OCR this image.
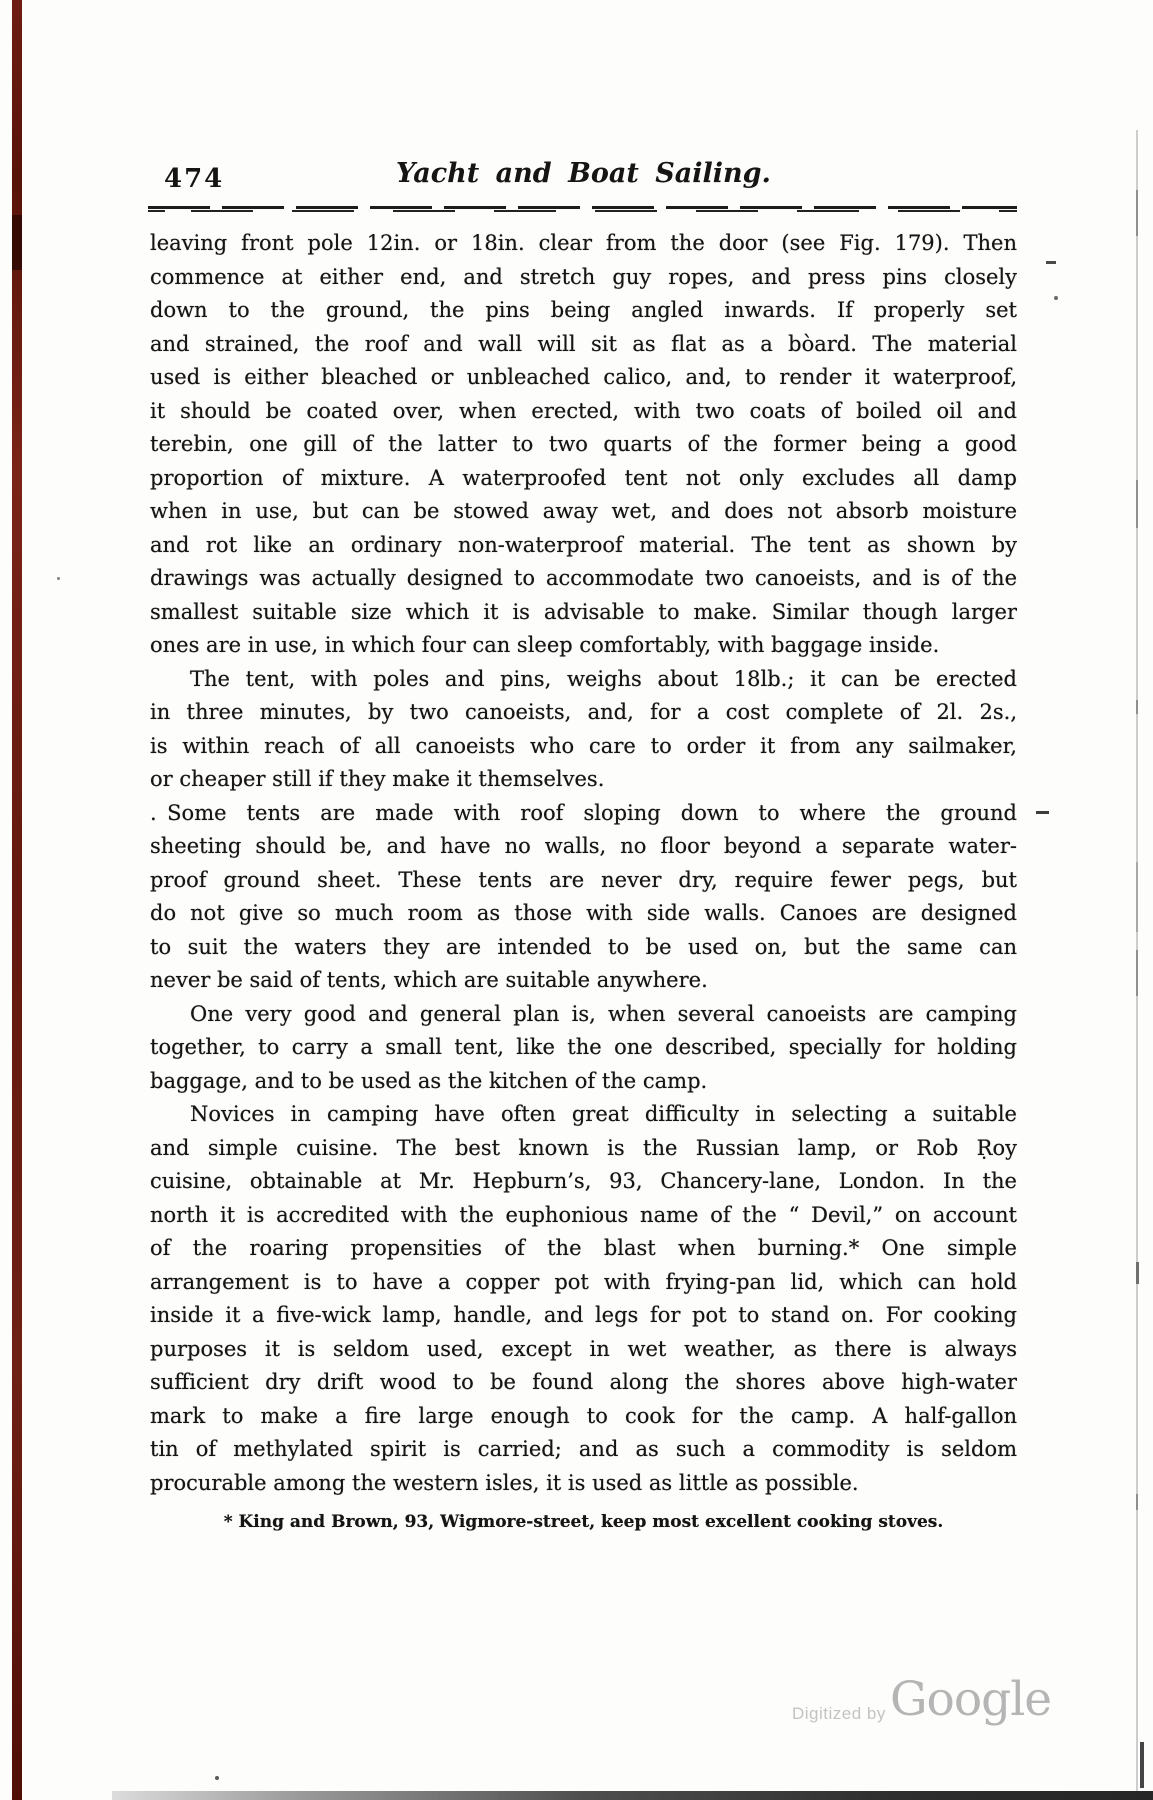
474	Yacht and Boat Sailing.
leaving front pole 12in. or 18in. clear from the door (see Fig. 179). Then
commence at either end, and stretch guy ropes, and press pins closely
down to the ground, the pins being angled inwards. If properly set
and strained, the roof and wall will sit as flat as a bòard. The material
used is either bleached or unbleached calico, and, to render it waterproof,
it should be coated over, when erected, with two coats of boiled oil and
terebin, one gill of the latter to two quarts of the former being a good
proportion of mixture. A waterproofed tent not only excludes all damp
when in use, but can be stowed away wet, and does not absorb moisture
and rot like an ordinary non-waterproof material. The tent as shown by
drawings was actually designed to accommodate two canoeists, and is of the
smallest suitable size which it is advisable to make. Similar though larger
ones are in use, in which four can sleep comfortably, with baggage inside.
The tent, with poles and pins, weighs about 18lb.; it can be erected
in three minutes, by two canoeists, and, for a cost complete of 2l. 2s.,
is within reach of all canoeists who care to order it from any sailmaker,
or cheaper still if they make it themselves.
. Some tents are made with roof sloping down to where the ground
sheeting should be, and have no walls, no floor beyond a separate water-
proof ground sheet. These tents are never dry, require fewer pegs, but
do not give so much room as those with side walls. Canoes are designed
to suit the waters they are intended to be used on, but the same can
never be said of tents, which are suitable anywhere.
One very good and general plan is, when several canoeists are camping
together, to carry a small tent, like the one described, specially for holding
baggage, and to be used as the kitchen of the camp.
Novices in camping have often great difficulty in selecting a suitable
and simple cuisine. The best known is the Russian lamp, or Rob Ṛoy
cuisine, obtainable at Mr. Hepburn’s, 93, Chancery-lane, London. In the
north it is accredited with the euphonious name of the “ Devil,” on account
of the roaring propensities of the blast when burning.* One simple
arrangement is to have a copper pot with frying-pan lid, which can hold
inside it a five-wick lamp, handle, and legs for pot to stand on. For cooking
purposes it is seldom used, except in wet weather, as there is always
sufficient dry drift wood to be found along the shores above high-water
mark to make a fire large enough to cook for the camp. A half-gallon
tin of methylated spirit is carried; and as such a commodity is seldom
procurable among the western isles, it is used as little as possible.
* King and Brown, 93, Wigmore-street, keep most excellent cooking stoves.
Digitized by Google
